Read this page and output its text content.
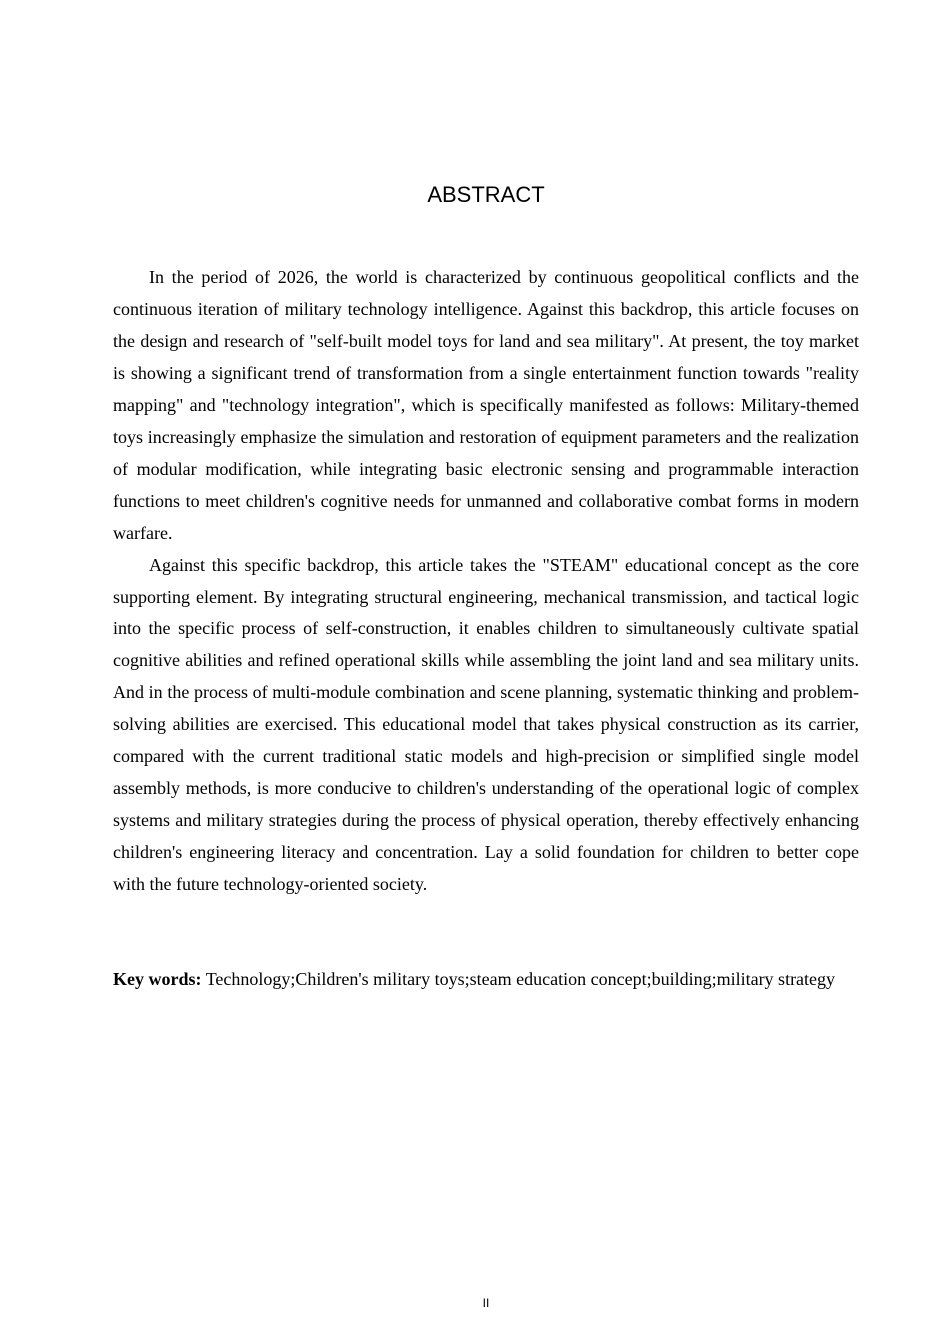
ABSTRACT

In the period of 2026, the world is characterized by continuous geopolitical conflicts and the continuous iteration of military technology intelligence. Against this backdrop, this article focuses on the design and research of "self-built model toys for land and sea military". At present, the toy market is showing a significant trend of transformation from a single entertainment function towards "reality mapping" and "technology integration", which is specifically manifested as follows: Military-themed toys increasingly emphasize the simulation and restoration of equipment parameters and the realization of modular modification, while integrating basic electronic sensing and programmable interaction functions to meet children's cognitive needs for unmanned and collaborative combat forms in modern warfare.

Against this specific backdrop, this article takes the "STEAM" educational concept as the core supporting element. By integrating structural engineering, mechanical transmission, and tactical logic into the specific process of self-construction, it enables children to simultaneously cultivate spatial cognitive abilities and refined operational skills while assembling the joint land and sea military units. And in the process of multi-module combination and scene planning, systematic thinking and problem-solving abilities are exercised. This educational model that takes physical construction as its carrier, compared with the current traditional static models and high-precision or simplified single model assembly methods, is more conducive to children's understanding of the operational logic of complex systems and military strategies during the process of physical operation, thereby effectively enhancing children's engineering literacy and concentration. Lay a solid foundation for children to better cope with the future technology-oriented society.

Key words: Technology;Children's military toys;steam education concept;building;military strategy

II
